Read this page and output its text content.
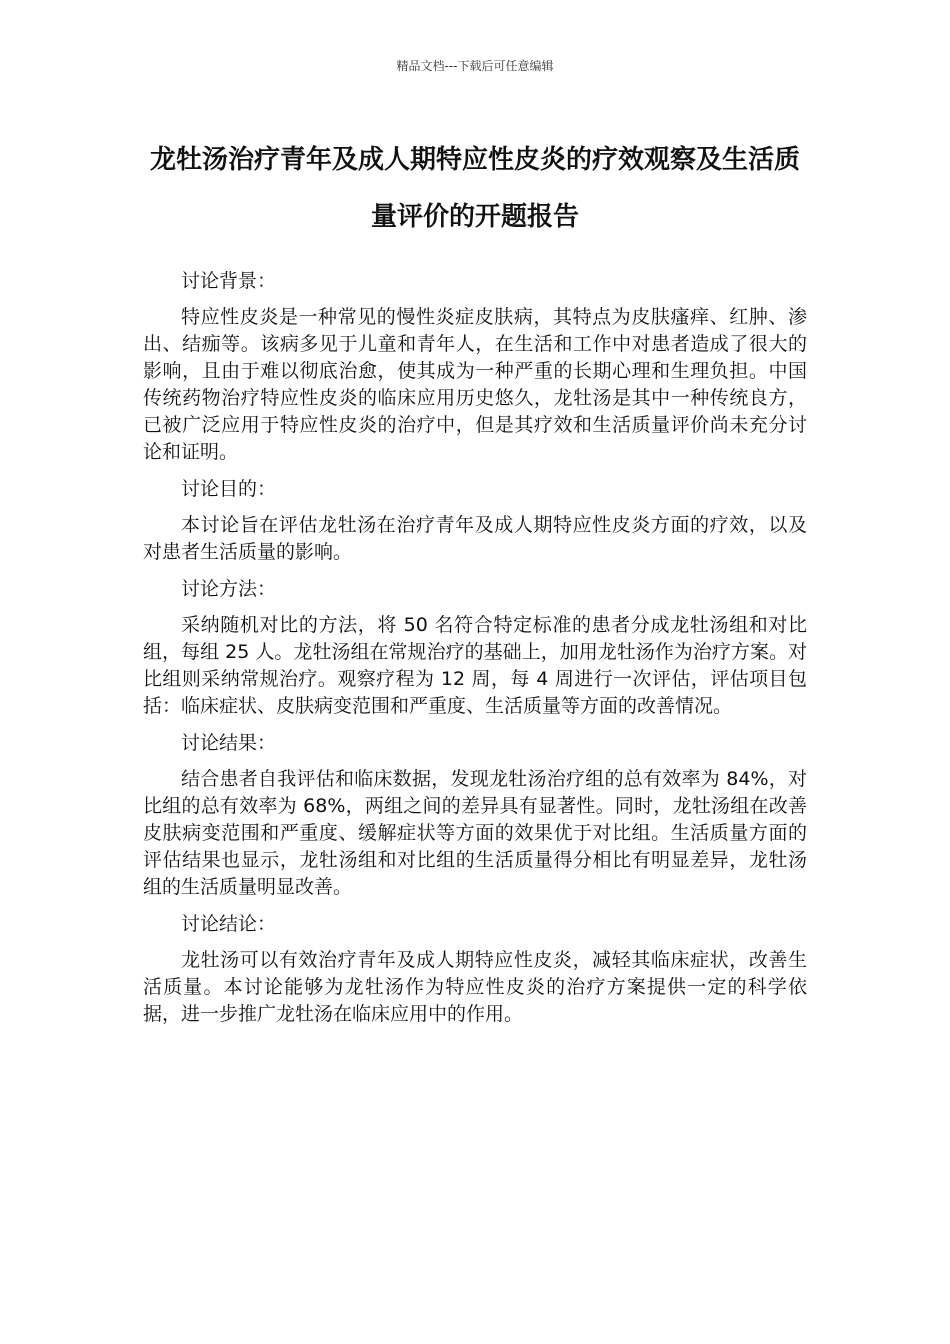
精品文档---下载后可任意编辑
龙牡汤治疗青年及成人期特应性皮炎的疗效观察及生活质量评价的开题报告

讨论背景：

特应性皮炎是一种常见的慢性炎症皮肤病，其特点为皮肤瘙痒、红肿、渗出、结痂等。该病多见于儿童和青年人，在生活和工作中对患者造成了很大的影响，且由于难以彻底治愈，使其成为一种严重的长期心理和生理负担。中国传统药物治疗特应性皮炎的临床应用历史悠久，龙牡汤是其中一种传统良方，已被广泛应用于特应性皮炎的治疗中，但是其疗效和生活质量评价尚未充分讨论和证明。

讨论目的：

本讨论旨在评估龙牡汤在治疗青年及成人期特应性皮炎方面的疗效，以及对患者生活质量的影响。

讨论方法：

采纳随机对比的方法，将 50 名符合特定标准的患者分成龙牡汤组和对比组，每组 25 人。龙牡汤组在常规治疗的基础上，加用龙牡汤作为治疗方案。对比组则采纳常规治疗。观察疗程为 12 周，每 4 周进行一次评估，评估项目包括：临床症状、皮肤病变范围和严重度、生活质量等方面的改善情况。

讨论结果：

结合患者自我评估和临床数据，发现龙牡汤治疗组的总有效率为 84%，对比组的总有效率为 68%，两组之间的差异具有显著性。同时，龙牡汤组在改善皮肤病变范围和严重度、缓解症状等方面的效果优于对比组。生活质量方面的评估结果也显示，龙牡汤组和对比组的生活质量得分相比有明显差异，龙牡汤组的生活质量明显改善。

讨论结论：

龙牡汤可以有效治疗青年及成人期特应性皮炎，减轻其临床症状，改善生活质量。本讨论能够为龙牡汤作为特应性皮炎的治疗方案提供一定的科学依据，进一步推广龙牡汤在临床应用中的作用。
